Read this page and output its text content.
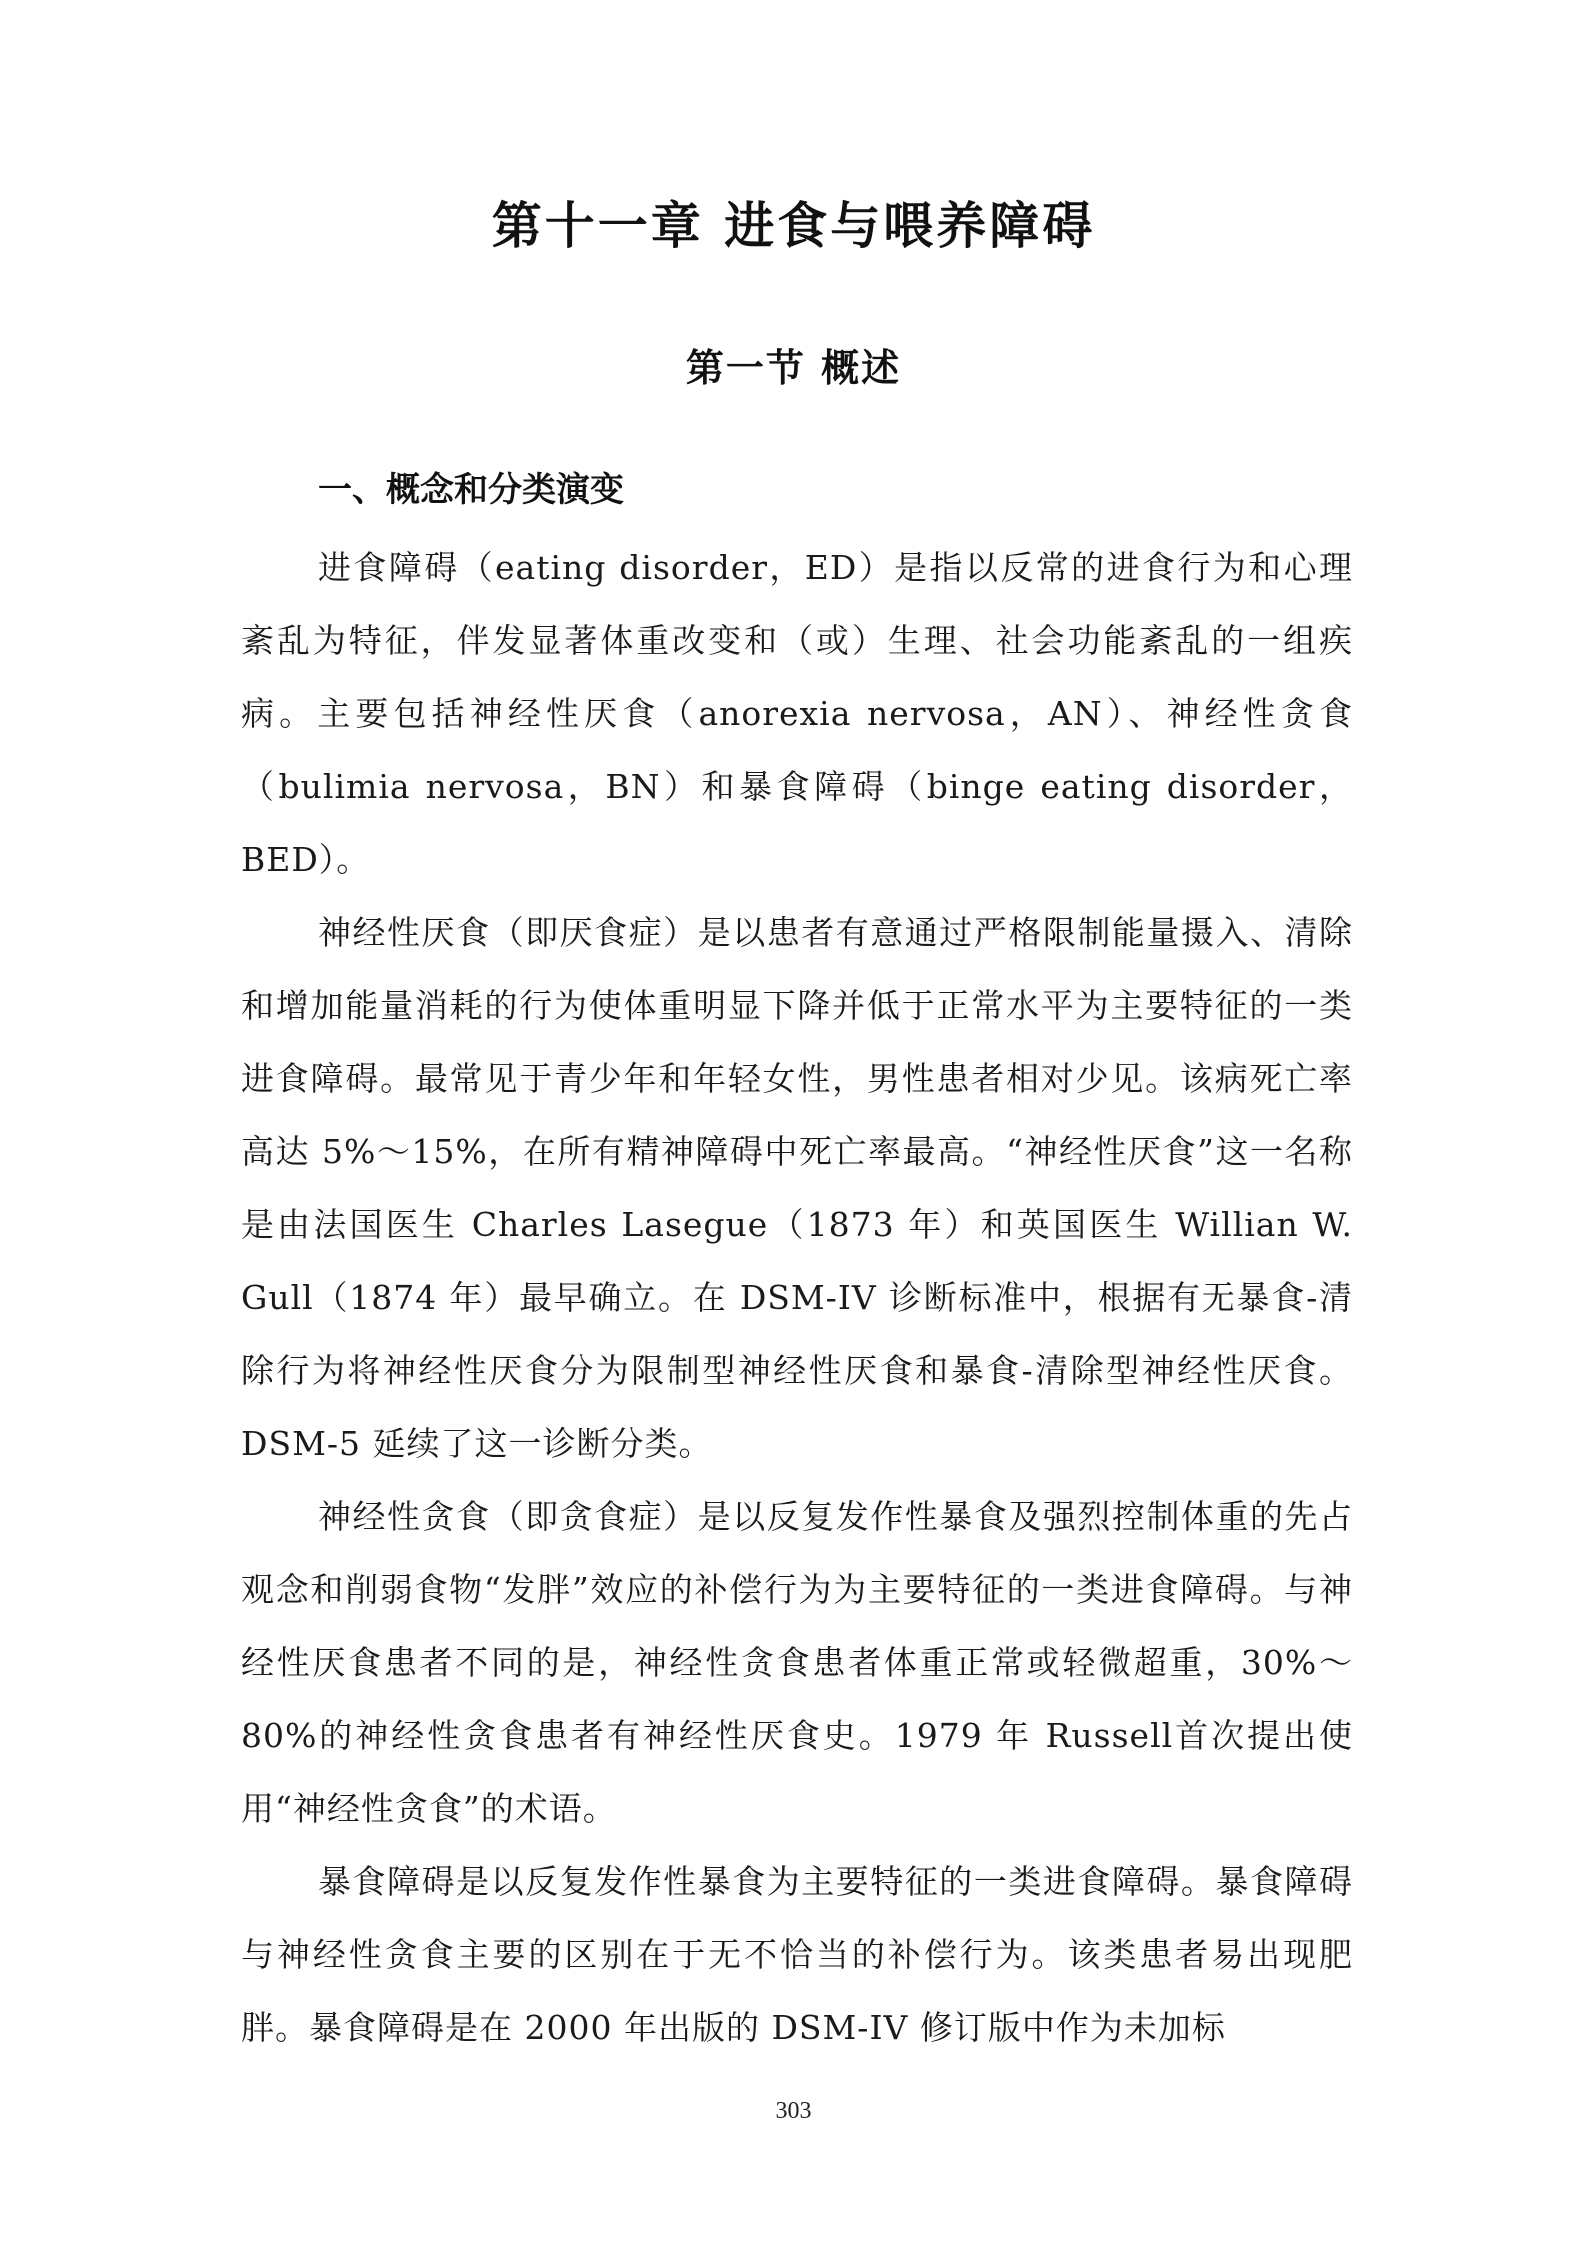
第十一章 进食与喂养障碍
第一节 概述
一、概念和分类演变

进食障碍（eating disorder，ED）是指以反常的进食行为和心理紊乱为特征，伴发显著体重改变和（或）生理、社会功能紊乱的一组疾病。主要包括神经性厌食（anorexia nervosa，AN）、神经性贪食（bulimia nervosa，BN）和暴食障碍（binge eating disorder，BED）。

神经性厌食（即厌食症）是以患者有意通过严格限制能量摄入、清除和增加能量消耗的行为使体重明显下降并低于正常水平为主要特征的一类进食障碍。最常见于青少年和年轻女性，男性患者相对少见。该病死亡率高达 5%～15%，在所有精神障碍中死亡率最高。“神经性厌食”这一名称是由法国医生 Charles Lasegue（1873 年）和英国医生 Willian W. Gull（1874 年）最早确立。在 DSM-IV 诊断标准中，根据有无暴食-清除行为将神经性厌食分为限制型神经性厌食和暴食-清除型神经性厌食。DSM-5 延续了这一诊断分类。

神经性贪食（即贪食症）是以反复发作性暴食及强烈控制体重的先占观念和削弱食物“发胖”效应的补偿行为为主要特征的一类进食障碍。与神经性厌食患者不同的是，神经性贪食患者体重正常或轻微超重，30%～80%的神经性贪食患者有神经性厌食史。1979 年 Russell首次提出使用“神经性贪食”的术语。

暴食障碍是以反复发作性暴食为主要特征的一类进食障碍。暴食障碍与神经性贪食主要的区别在于无不恰当的补偿行为。该类患者易出现肥胖。暴食障碍是在 2000 年出版的 DSM-IV 修订版中作为未加标

303
